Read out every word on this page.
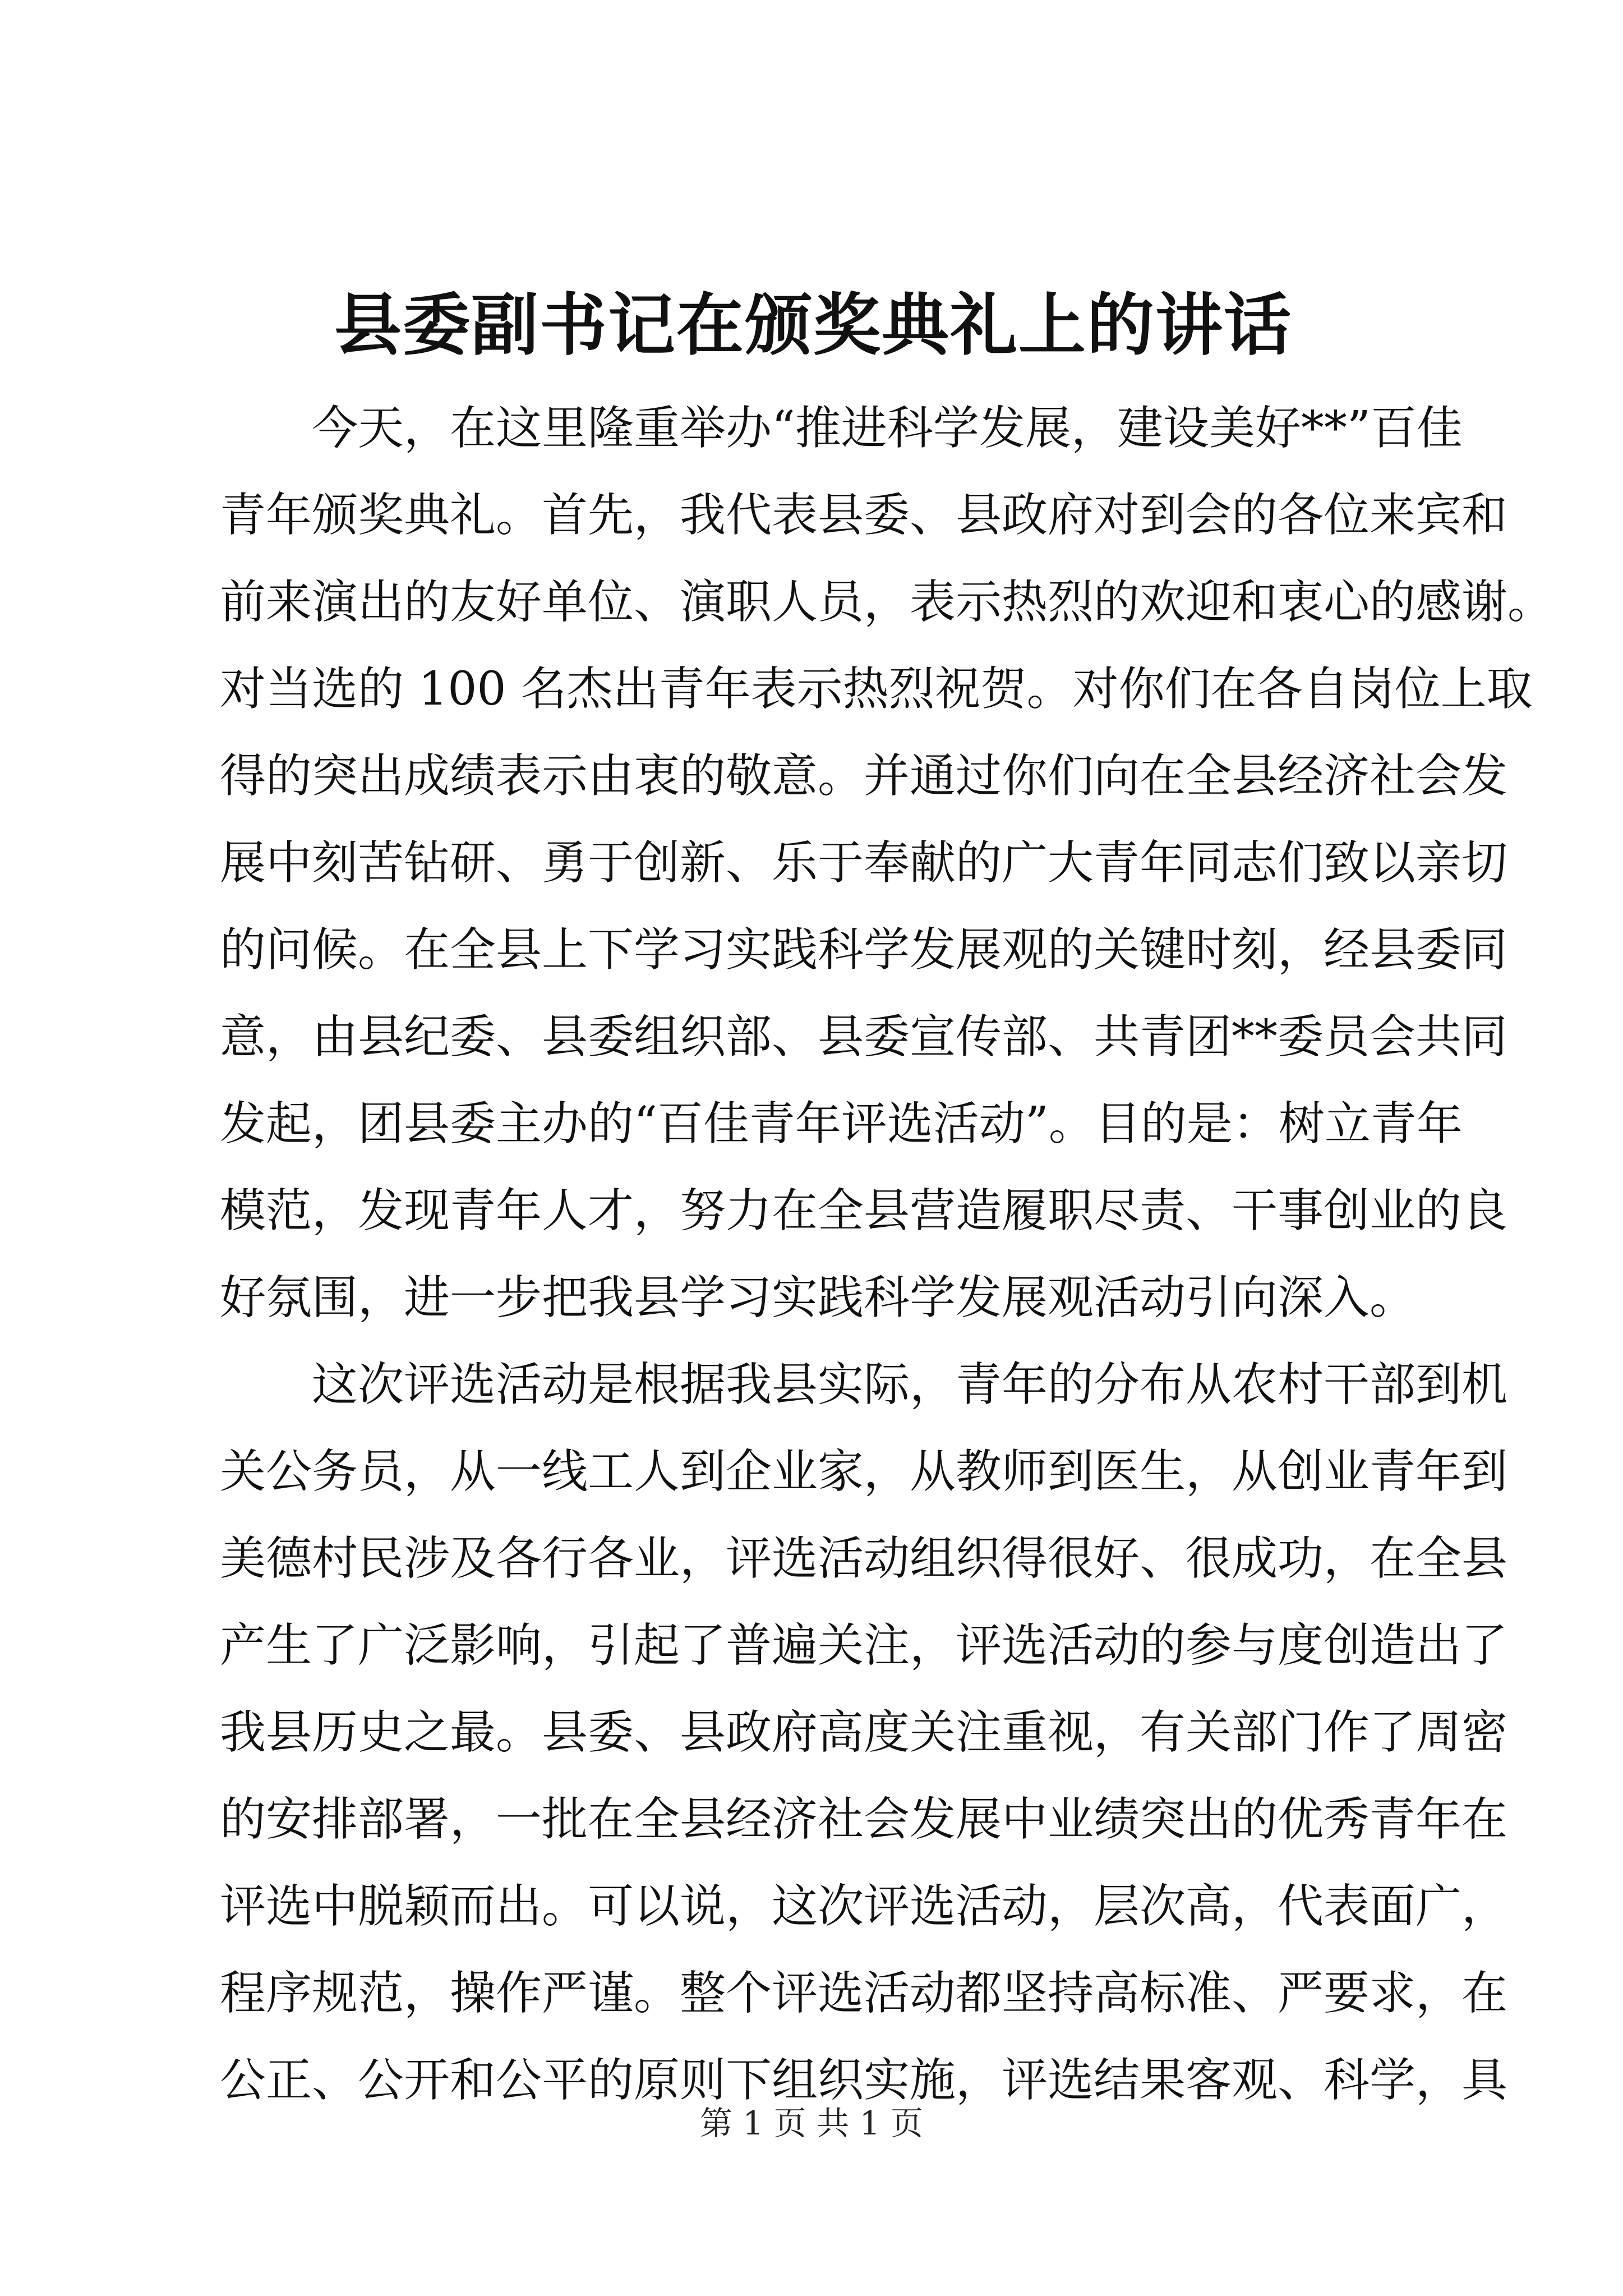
县委副书记在颁奖典礼上的讲话
今天，在这里隆重举办“推进科学发展，建设美好**”百佳
青年颁奖典礼。首先，我代表县委、县政府对到会的各位来宾和
前来演出的友好单位、演职人员，表示热烈的欢迎和衷心的感谢。
对当选的 100 名杰出青年表示热烈祝贺。对你们在各自岗位上取
得的突出成绩表示由衷的敬意。并通过你们向在全县经济社会发
展中刻苦钻研、勇于创新、乐于奉献的广大青年同志们致以亲切
的问候。在全县上下学习实践科学发展观的关键时刻，经县委同
意，由县纪委、县委组织部、县委宣传部、共青团**委员会共同
发起，团县委主办的“百佳青年评选活动”。目的是：树立青年
模范，发现青年人才，努力在全县营造履职尽责、干事创业的良
好氛围，进一步把我县学习实践科学发展观活动引向深入。
这次评选活动是根据我县实际，青年的分布从农村干部到机
关公务员，从一线工人到企业家，从教师到医生，从创业青年到
美德村民涉及各行各业，评选活动组织得很好、很成功，在全县
产生了广泛影响，引起了普遍关注，评选活动的参与度创造出了
我县历史之最。县委、县政府高度关注重视，有关部门作了周密
的安排部署，一批在全县经济社会发展中业绩突出的优秀青年在
评选中脱颖而出。可以说，这次评选活动，层次高，代表面广，
程序规范，操作严谨。整个评选活动都坚持高标准、严要求，在
公正、公开和公平的原则下组织实施，评选结果客观、科学，具
第 1 页 共 1 页
